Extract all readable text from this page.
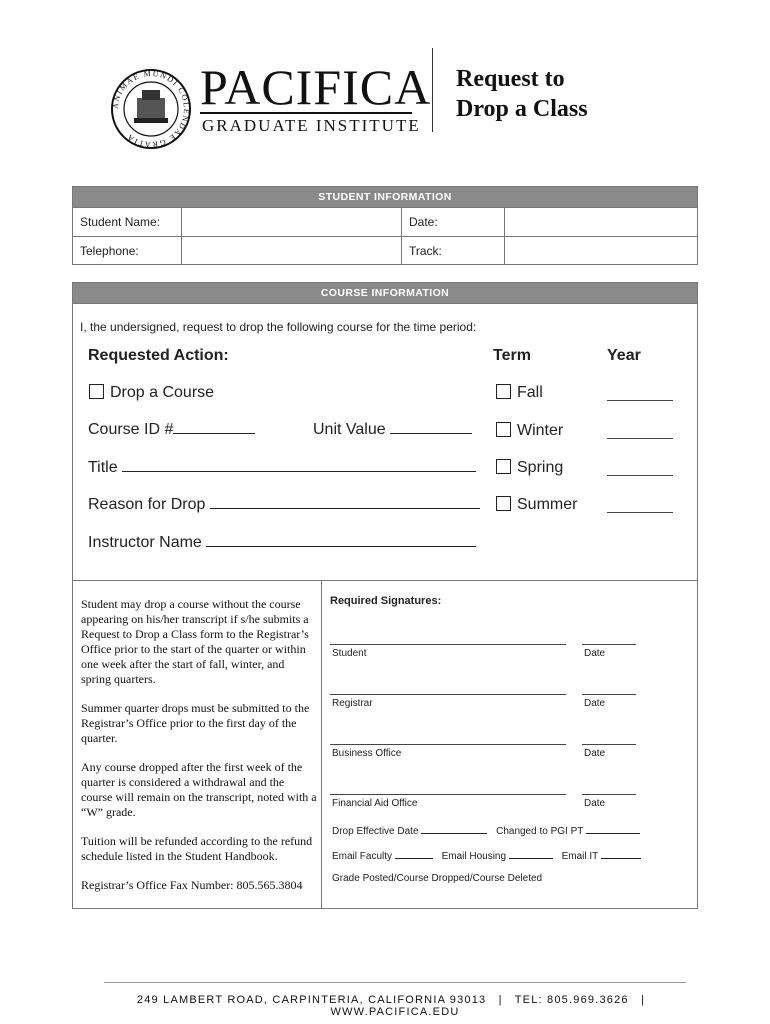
ANIMAE MUNDI COLENDAE GRATIA
PACIFICA
GRADUATE INSTITUTE
Request to
Drop a Class
STUDENT INFORMATION
Student Name:	Date:
Telephone:	Track:
COURSE INFORMATION
I, the undersigned, request to drop the following course for the time period:
Requested Action:	Term	Year
Drop a Course
Course ID #	Unit Value
Title
Reason for Drop
Instructor Name
Fall
Winter
Spring
Summer

Student may drop a course without the course appearing on his/her transcript if s/he submits a Request to Drop a Class form to the Registrar’s Office prior to the start of the quarter or within one week after the start of fall, winter, and spring quarters.

Summer quarter drops must be submitted to the Registrar’s Office prior to the first day of the quarter.

Any course dropped after the first week of the quarter is considered a withdrawal and the course will remain on the transcript, noted with a “W” grade.

Tuition will be refunded according to the refund schedule listed in the Student Handbook.

Registrar’s Office Fax Number: 805.565.3804

Required Signatures:
Student	Date
Registrar	Date
Business Office	Date
Financial Aid Office	Date
Drop Effective Date	Changed to PGI PT
Email Faculty	Email Housing	Email IT
Grade Posted/Course Dropped/Course Deleted
249 LAMBERT ROAD, CARPINTERIA, CALIFORNIA 93013 | TEL: 805.969.3626 | WWW.PACIFICA.EDU
